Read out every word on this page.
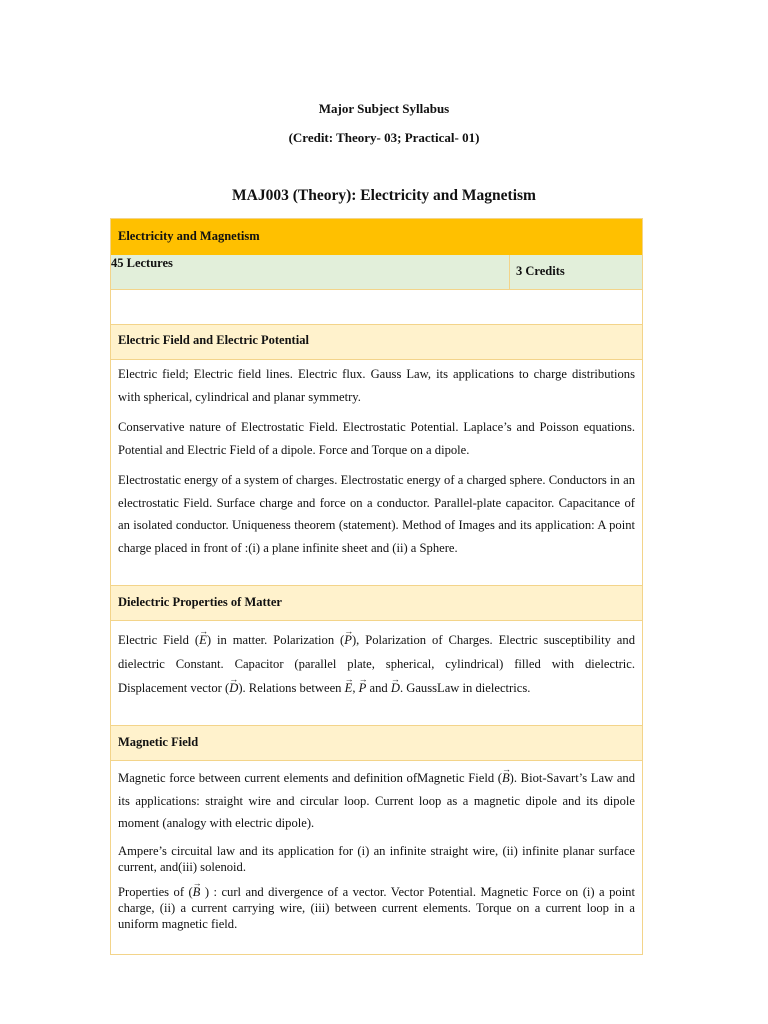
Major Subject Syllabus
(Credit: Theory- 03; Practical- 01)
MAJ003 (Theory): Electricity and Magnetism
Electricity and Magnetism
45 Lectures
3 Credits
Electric Field and Electric Potential

Electric field; Electric field lines. Electric flux. Gauss Law, its applications to charge distributions with spherical, cylindrical and planar symmetry.

Conservative nature of Electrostatic Field. Electrostatic Potential. Laplace’s and Poisson equations. Potential and Electric Field of a dipole. Force and Torque on a dipole.

Electrostatic energy of a system of charges. Electrostatic energy of a charged sphere. Conductors in an electrostatic Field. Surface charge and force on a conductor. Parallel-plate capacitor. Capacitance of an isolated conductor. Uniqueness theorem (statement). Method of Images and its application: A point charge placed in front of :(i) a plane infinite sheet and (ii) a Sphere.

Dielectric Properties of Matter

Electric Field (→ E) in matter. Polarization (→ P), Polarization of Charges. Electric susceptibility and dielectric Constant. Capacitor (parallel plate, spherical, cylindrical) filled with dielectric. Displacement vector (→ D). Relations between → E, → P and → D. GaussLaw in dielectrics.

Magnetic Field

Magnetic force between current elements and definition ofMagnetic Field (→ B). Biot-Savart’s Law and its applications: straight wire and circular loop. Current loop as a magnetic dipole and its dipole moment (analogy with electric dipole).

Ampere’s circuital law and its application for (i) an infinite straight wire, (ii) infinite planar surface current, and(iii) solenoid.

Properties of (→ B ) : curl and divergence of a vector. Vector Potential. Magnetic Force on (i) a point charge, (ii) a current carrying wire, (iii) between current elements. Torque on a current loop in a uniform magnetic field.
